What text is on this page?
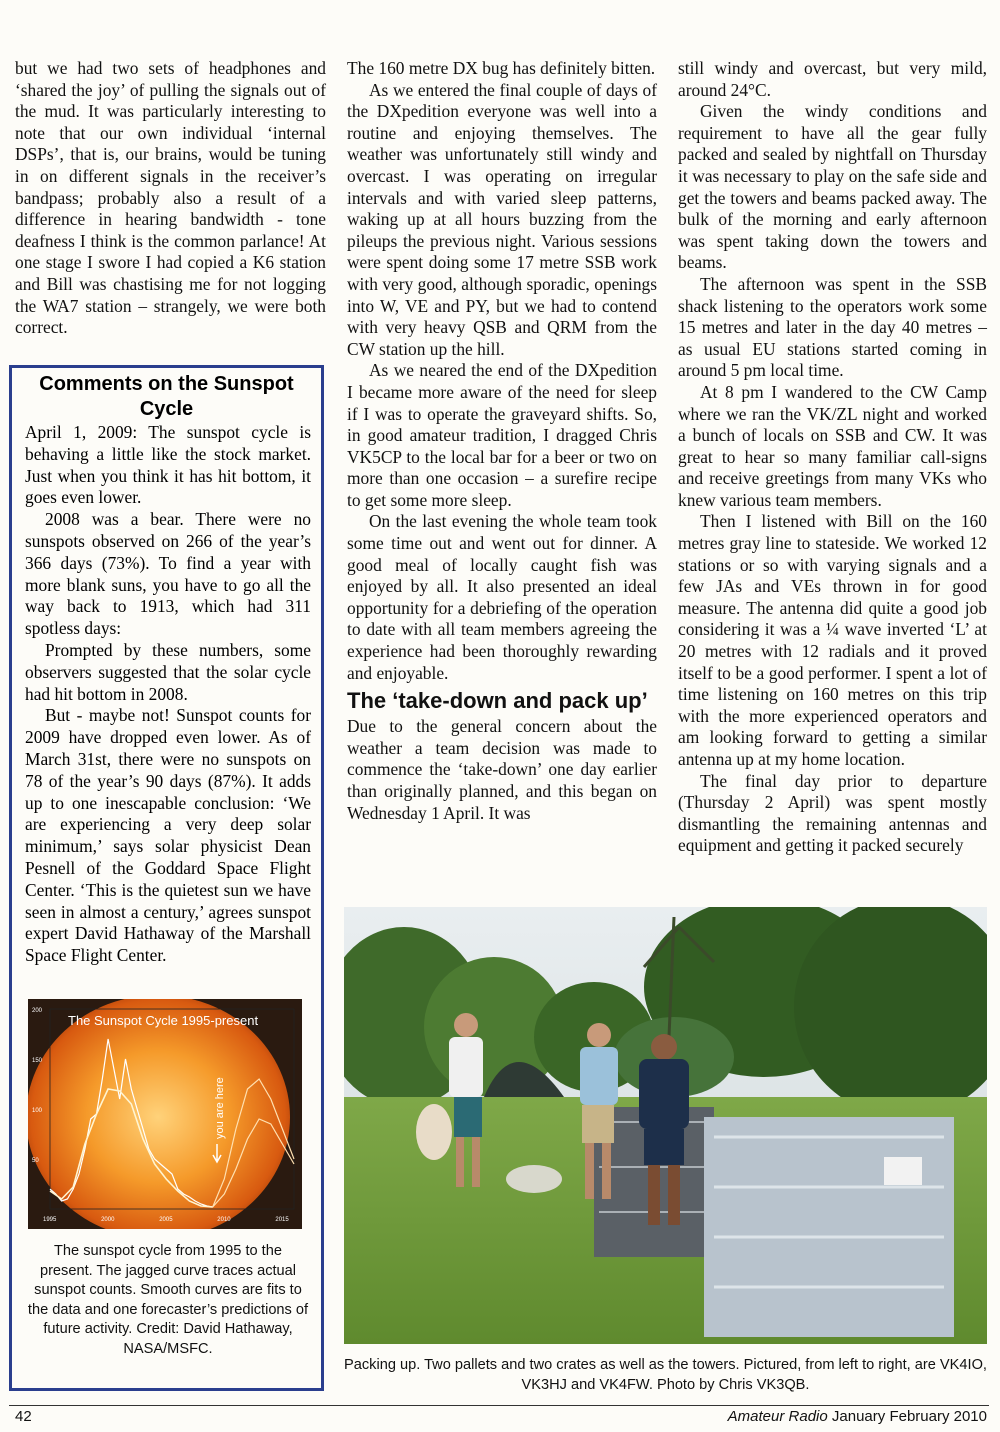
but we had two sets of headphones and ‘shared the joy’ of pulling the signals out of the mud. It was particularly interesting to note that our own individual ‘internal DSPs’, that is, our brains, would be tuning in on different signals in the receiver’s bandpass; probably also a result of a difference in hearing bandwidth - tone deafness I think is the common parlance! At one stage I swore I had copied a K6 station and Bill was chastising me for not logging the WA7 station – strangely, we were both correct.

Comments on the Sunspot Cycle

April 1, 2009: The sunspot cycle is behaving a little like the stock market. Just when you think it has hit bottom, it goes even lower.

2008 was a bear. There were no sunspots observed on 266 of the year’s 366 days (73%). To find a year with more blank suns, you have to go all the way back to 1913, which had 311 spotless days:

Prompted by these numbers, some observers suggested that the solar cycle had hit bottom in 2008.

But - maybe not! Sunspot counts for 2009 have dropped even lower. As of March 31st, there were no sunspots on 78 of the year’s 90 days (87%). It adds up to one inescapable conclusion: ‘We are experiencing a very deep solar minimum,’ says solar physicist Dean Pesnell of the Goddard Space Flight Center. ‘This is the quietest sun we have seen in almost a century,’ agrees sunspot expert David Hathaway of the Marshall Space Flight Center.

200
150
100
50
1995	2000	2005	2010	2015
The Sunspot Cycle 1995-present
you are here
The sunspot cycle from 1995 to the present. The jagged curve traces actual sunspot counts. Smooth curves are fits to the data and one forecaster’s predictions of future activity. Credit: David Hathaway, NASA/MSFC.

The 160 metre DX bug has definitely bitten.

As we entered the final couple of days of the DXpedition everyone was well into a routine and enjoying themselves. The weather was unfortunately still windy and overcast. I was operating on irregular intervals and with varied sleep patterns, waking up at all hours buzzing from the pileups the previous night. Various sessions were spent doing some 17 metre SSB work with very good, although sporadic, openings into W, VE and PY, but we had to contend with very heavy QSB and QRM from the CW station up the hill.

As we neared the end of the DXpedition I became more aware of the need for sleep if I was to operate the graveyard shifts. So, in good amateur tradition, I dragged Chris VK5CP to the local bar for a beer or two on more than one occasion – a surefire recipe to get some more sleep.

On the last evening the whole team took some time out and went out for dinner. A good meal of locally caught fish was enjoyed by all. It also presented an ideal opportunity for a debriefing of the operation to date with all team members agreeing the experience had been thoroughly rewarding and enjoyable.

The ‘take-down and pack up’

Due to the general concern about the weather a team decision was made to commence the ‘take-down’ one day earlier than originally planned, and this began on Wednesday 1 April. It was

still windy and overcast, but very mild, around 24°C.

Given the windy conditions and requirement to have all the gear fully packed and sealed by nightfall on Thursday it was necessary to play on the safe side and get the towers and beams packed away. The bulk of the morning and early afternoon was spent taking down the towers and beams.

The afternoon was spent in the SSB shack listening to the operators work some 15 metres and later in the day 40 metres – as usual EU stations started coming in around 5 pm local time.

At 8 pm I wandered to the CW Camp where we ran the VK/ZL night and worked a bunch of locals on SSB and CW. It was great to hear so many familiar call-signs and receive greetings from many VKs who knew various team members.

Then I listened with Bill on the 160 metres gray line to stateside. We worked 12 stations or so with varying signals and a few JAs and VEs thrown in for good measure. The antenna did quite a good job considering it was a ¼ wave inverted ‘L’ at 20 metres with 12 radials and it proved itself to be a good performer. I spent a lot of time listening on 160 metres on this trip with the more experienced operators and am looking forward to getting a similar antenna up at my home location.

The final day prior to departure (Thursday 2 April) was spent mostly dismantling the remaining antennas and equipment and getting it packed securely

Packing up. Two pallets and two crates as well as the towers. Pictured, from left to right, are VK4IO, VK3HJ and VK4FW. Photo by Chris VK3QB.
42	Amateur Radio January February 2010
